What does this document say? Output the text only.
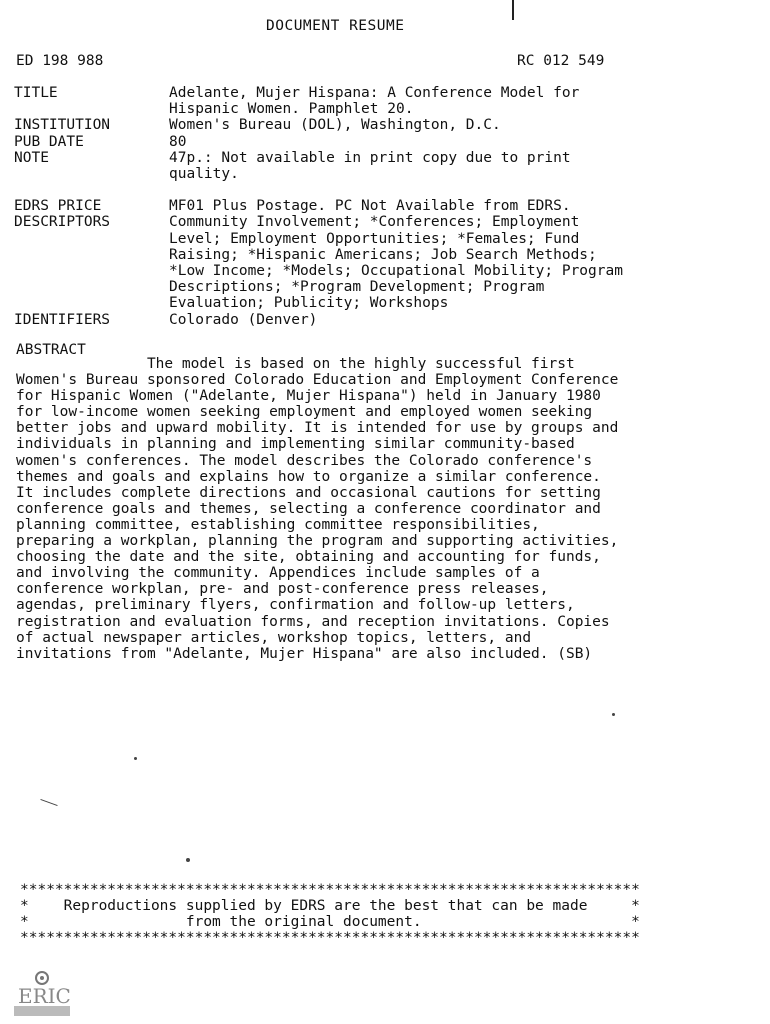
DOCUMENT RESUME
ED 198 988	RC 012 549
TITLE	Adelante, Mujer Hispana: A Conference Model for
Hispanic Women. Pamphlet 20.
INSTITUTION	Women's Bureau (DOL), Washington, D.C.
PUB DATE	80
NOTE	47p.: Not available in print copy due to print
quality.
EDRS PRICE	MF01 Plus Postage. PC Not Available from EDRS.
DESCRIPTORS	Community Involvement; *Conferences; Employment
Level; Employment Opportunities; *Females; Fund
Raising; *Hispanic Americans; Job Search Methods;
*Low Income; *Models; Occupational Mobility; Program
Descriptions; *Program Development; Program
Evaluation; Publicity; Workshops
IDENTIFIERS	Colorado (Denver)
ABSTRACT
The model is based on the highly successful first
Women's Bureau sponsored Colorado Education and Employment Conference
for Hispanic Women ("Adelante, Mujer Hispana") held in January 1980
for low-income women seeking employment and employed women seeking
better jobs and upward mobility. It is intended for use by groups and
individuals in planning and implementing similar community-based
women's conferences. The model describes the Colorado conference's
themes and goals and explains how to organize a similar conference.
It includes complete directions and occasional cautions for setting
conference goals and themes, selecting a conference coordinator and
planning committee, establishing committee responsibilities,
preparing a workplan, planning the program and supporting activities,
choosing the date and the site, obtaining and accounting for funds,
and involving the community. Appendices include samples of a
conference workplan, pre- and post-conference press releases,
agendas, preliminary flyers, confirmation and follow-up letters,
registration and evaluation forms, and reception invitations. Copies
of actual newspaper articles, workshop topics, letters, and
invitations from "Adelante, Mujer Hispana" are also included. (SB)
***********************************************************************
*    Reproductions supplied by EDRS are the best that can be made     *
*                  from the original document.                        *
***********************************************************************
ERIC
